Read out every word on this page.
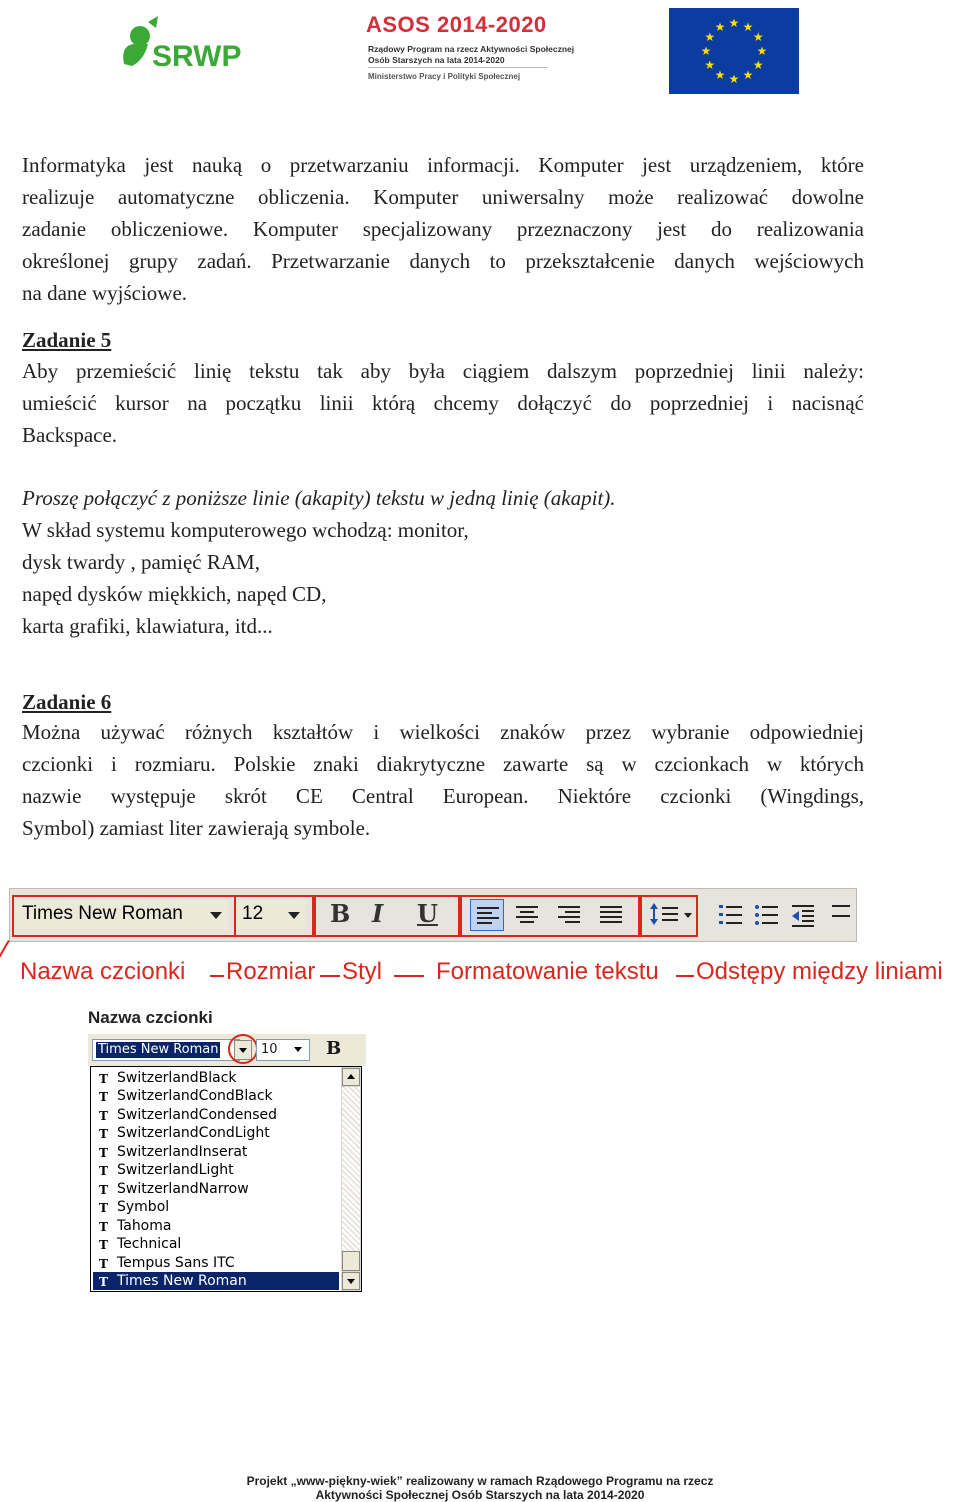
SRWP
ASOS 2014-2020
Rządowy Program na rzecz Aktywności Społecznej
Osób Starszych na lata 2014-2020
Ministerstwo Pracy i Polityki Społecznej
★ ★
★
★
★
★
★
★
★
★
★
★
Informatyka jest nauką o przetwarzaniu informacji. Komputer jest urządzeniem, które
realizuje automatyczne obliczenia. Komputer uniwersalny może realizować dowolne
zadanie obliczeniowe. Komputer specjalizowany przeznaczony jest do realizowania
określonej grupy zadań. Przetwarzanie danych to przekształcenie danych wejściowych
na dane wyjściowe.
Zadanie 5
Aby przemieścić linię tekstu tak aby była ciągiem dalszym poprzedniej linii należy:
umieścić kursor na początku linii którą chcemy dołączyć do poprzedniej i nacisnąć
Backspace.
Proszę połączyć z poniższe linie (akapity) tekstu w jedną linię (akapit).
W skład systemu komputerowego wchodzą: monitor,
dysk twardy , pamięć RAM,
napęd dysków miękkich, napęd CD,
karta grafiki, klawiatura, itd...
Zadanie 6
Można używać różnych kształtów i wielkości znaków przez wybranie odpowiedniej
czcionki i rozmiaru. Polskie znaki diakrytyczne zawarte są w czcionkach w których
nazwie występuje skrót CE Central European. Niektóre czcionki (Wingdings,
Symbol) zamiast liter zawierają symbole.
Times New Roman	12	B I U
Nazwa czcionki Rozmiar Styl Formatowanie tekstu Odstępy między liniami
Nazwa czcionki
Times New Roman	10	B
T SwitzerlandBlack
T SwitzerlandCondBlack
T SwitzerlandCondensed
T SwitzerlandCondLight
T SwitzerlandInserat
T SwitzerlandLight
T SwitzerlandNarrow
T Symbol
T Tahoma
T Technical
T Tempus Sans ITC
T Times New Roman
Projekt „www-piękny-wiek” realizowany w ramach Rządowego Programu na rzecz
Aktywności Społecznej Osób Starszych na lata 2014-2020
